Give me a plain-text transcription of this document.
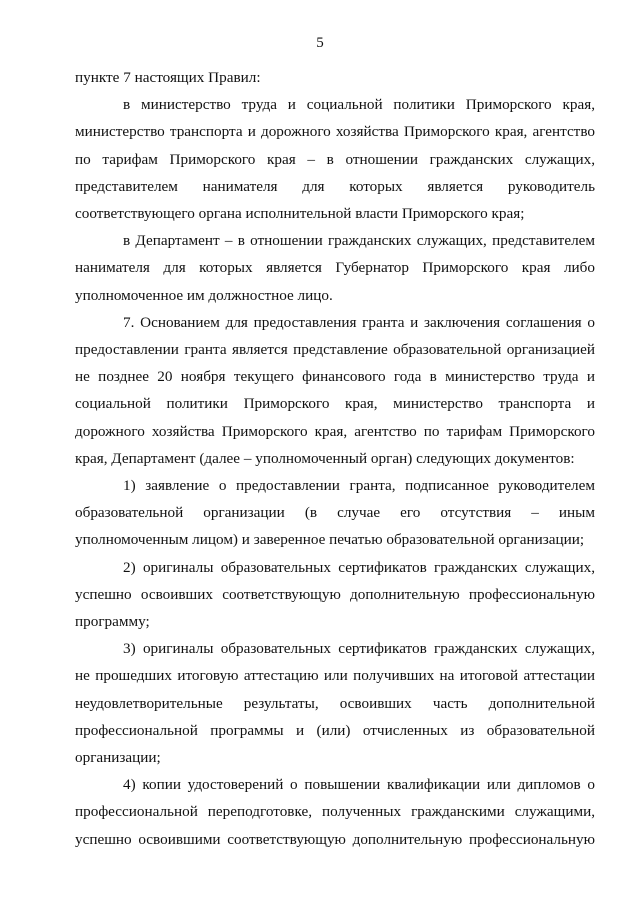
5

пункте 7 настоящих Правил:

в министерство труда и социальной политики Приморского края, министерство транспорта и дорожного хозяйства Приморского края, агентство по тарифам Приморского края – в отношении гражданских служащих, представителем нанимателя для которых является руководитель соответствующего органа исполнительной власти Приморского края;

в Департамент – в отношении гражданских служащих, представителем нанимателя для которых является Губернатор Приморского края либо уполномоченное им должностное лицо.

7. Основанием для предоставления гранта и заключения соглашения о предоставлении гранта является представление образовательной организацией не позднее 20 ноября текущего финансового года в министерство труда и социальной политики Приморского края, министерство транспорта и дорожного хозяйства Приморского края, агентство по тарифам Приморского края, Департамент (далее – уполномоченный орган) следующих документов:

1) заявление о предоставлении гранта, подписанное руководителем образовательной организации (в случае его отсутствия – иным уполномоченным лицом) и заверенное печатью образовательной организации;

2) оригиналы образовательных сертификатов гражданских служащих, успешно освоивших соответствующую дополнительную профессиональную программу;

3) оригиналы образовательных сертификатов гражданских служащих, не прошедших итоговую аттестацию или получивших на итоговой аттестации неудовлетворительные результаты, освоивших часть дополнительной профессиональной программы и (или) отчисленных из образовательной организации;

4) копии удостоверений о повышении квалификации или дипломов о профессиональной переподготовке, полученных гражданскими служащими, успешно освоившими соответствующую дополнительную профессиональную
